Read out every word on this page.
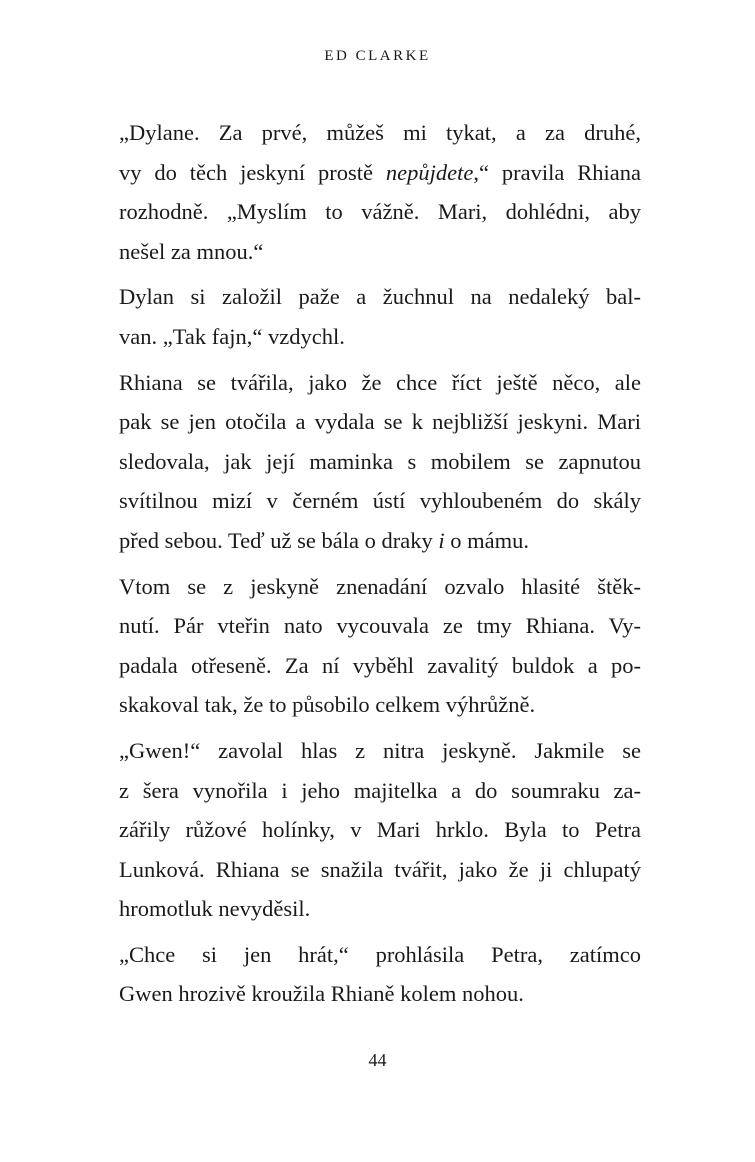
ED CLARKE

„Dylane. Za prvé, můžeš mi tykat, a za druhé,
vy do těch jeskyní prostě nepůjdete,“ pravila Rhiana
rozhodně. „Myslím to vážně. Mari, dohlédni, aby
nešel za mnou.“

Dylan si založil paže a žuchnul na nedaleký bal-
van. „Tak fajn,“ vzdychl.

Rhiana se tvářila, jako že chce říct ještě něco, ale
pak se jen otočila a vydala se k nejbližší jeskyni. Mari
sledovala, jak její maminka s mobilem se zapnutou
svítilnou mizí v černém ústí vyhloubeném do skály
před sebou. Teď už se bála o draky i o mámu.

Vtom se z jeskyně znenadání ozvalo hlasité štěk-
nutí. Pár vteřin nato vycouvala ze tmy Rhiana. Vy-
padala otřeseně. Za ní vyběhl zavalitý buldok a po-
skakoval tak, že to působilo celkem výhrůžně.

„Gwen!“ zavolal hlas z nitra jeskyně. Jakmile se
z šera vynořila i jeho majitelka a do soumraku za-
zářily růžové holínky, v Mari hrklo. Byla to Petra
Lunková. Rhiana se snažila tvářit, jako že ji chlupatý
hromotluk nevyděsil.

„Chce si jen hrát,“ prohlásila Petra, zatímco
Gwen hrozivě kroužila Rhianě kolem nohou.

44
